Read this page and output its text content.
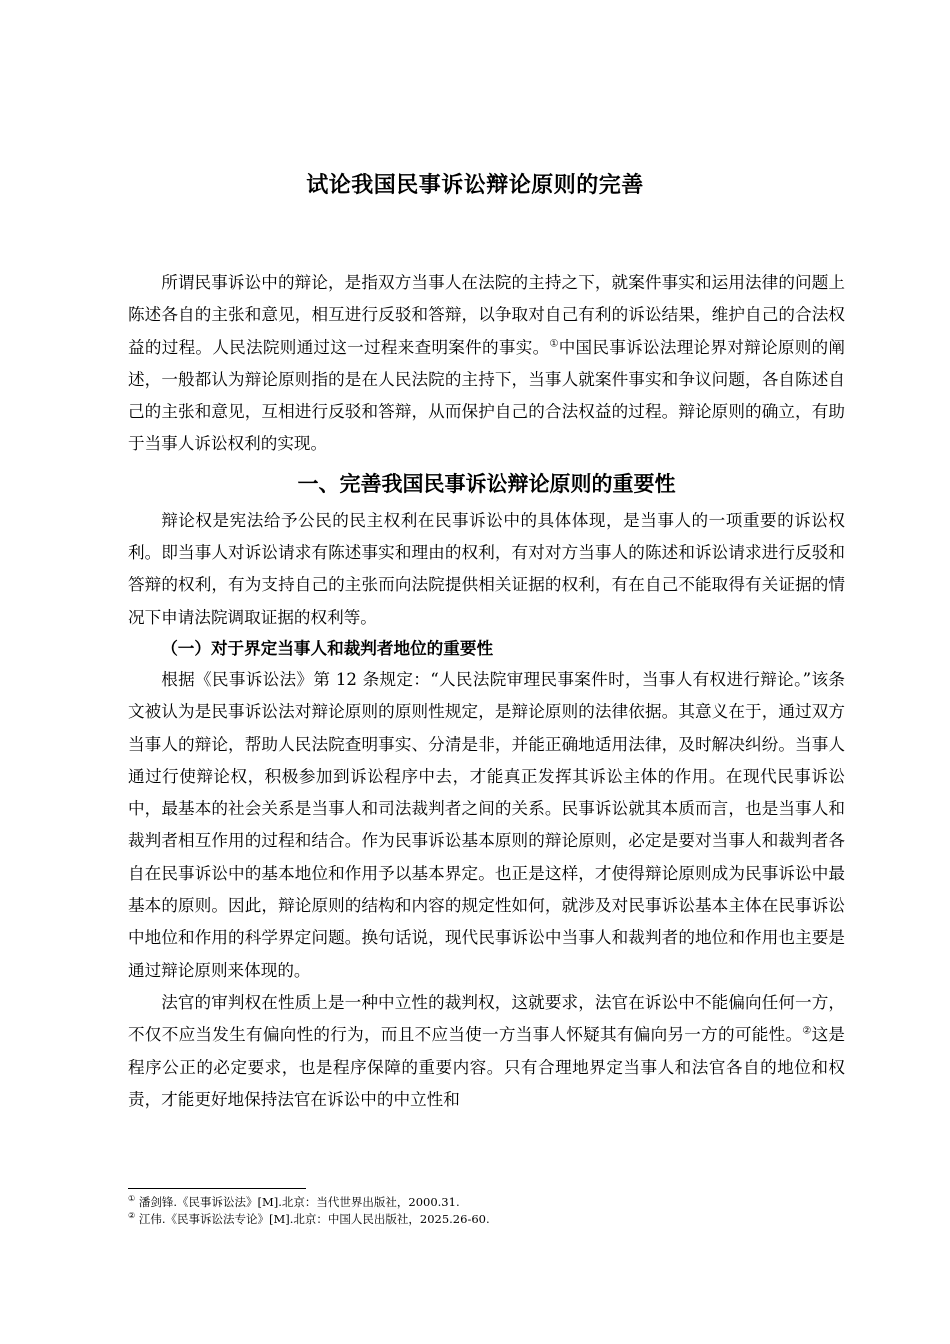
试论我国民事诉讼辩论原则的完善

所谓民事诉讼中的辩论，是指双方当事人在法院的主持之下，就案件事实和运用法律的问题上陈述各自的主张和意见，相互进行反驳和答辩，以争取对自己有利的诉讼结果，维护自己的合法权益的过程。人民法院则通过这一过程来查明案件的事实。①中国民事诉讼法理论界对辩论原则的阐述，一般都认为辩论原则指的是在人民法院的主持下，当事人就案件事实和争议问题，各自陈述自己的主张和意见，互相进行反驳和答辩，从而保护自己的合法权益的过程。辩论原则的确立，有助于当事人诉讼权利的实现。

一、完善我国民事诉讼辩论原则的重要性

辩论权是宪法给予公民的民主权利在民事诉讼中的具体体现，是当事人的一项重要的诉讼权利。即当事人对诉讼请求有陈述事实和理由的权利，有对对方当事人的陈述和诉讼请求进行反驳和答辩的权利，有为支持自己的主张而向法院提供相关证据的权利，有在自己不能取得有关证据的情况下申请法院调取证据的权利等。

（一）对于界定当事人和裁判者地位的重要性

根据《民事诉讼法》第 12 条规定：“人民法院审理民事案件时，当事人有权进行辩论。”该条文被认为是民事诉讼法对辩论原则的原则性规定，是辩论原则的法律依据。其意义在于，通过双方当事人的辩论，帮助人民法院查明事实、分清是非，并能正确地适用法律，及时解决纠纷。当事人通过行使辩论权，积极参加到诉讼程序中去，才能真正发挥其诉讼主体的作用。在现代民事诉讼中，最基本的社会关系是当事人和司法裁判者之间的关系。民事诉讼就其本质而言，也是当事人和裁判者相互作用的过程和结合。作为民事诉讼基本原则的辩论原则，必定是要对当事人和裁判者各自在民事诉讼中的基本地位和作用予以基本界定。也正是这样，才使得辩论原则成为民事诉讼中最基本的原则。因此，辩论原则的结构和内容的规定性如何，就涉及对民事诉讼基本主体在民事诉讼中地位和作用的科学界定问题。换句话说，现代民事诉讼中当事人和裁判者的地位和作用也主要是通过辩论原则来体现的。

法官的审判权在性质上是一种中立性的裁判权，这就要求，法官在诉讼中不能偏向任何一方，不仅不应当发生有偏向性的行为，而且不应当使一方当事人怀疑其有偏向另一方的可能性。②这是程序公正的必定要求，也是程序保障的重要内容。只有合理地界定当事人和法官各自的地位和权责，才能更好地保持法官在诉讼中的中立性和

① 潘剑锋.《民事诉讼法》[M].北京：当代世界出版社，2000.31.
② 江伟.《民事诉讼法专论》[M].北京：中国人民出版社，2025.26-60.
